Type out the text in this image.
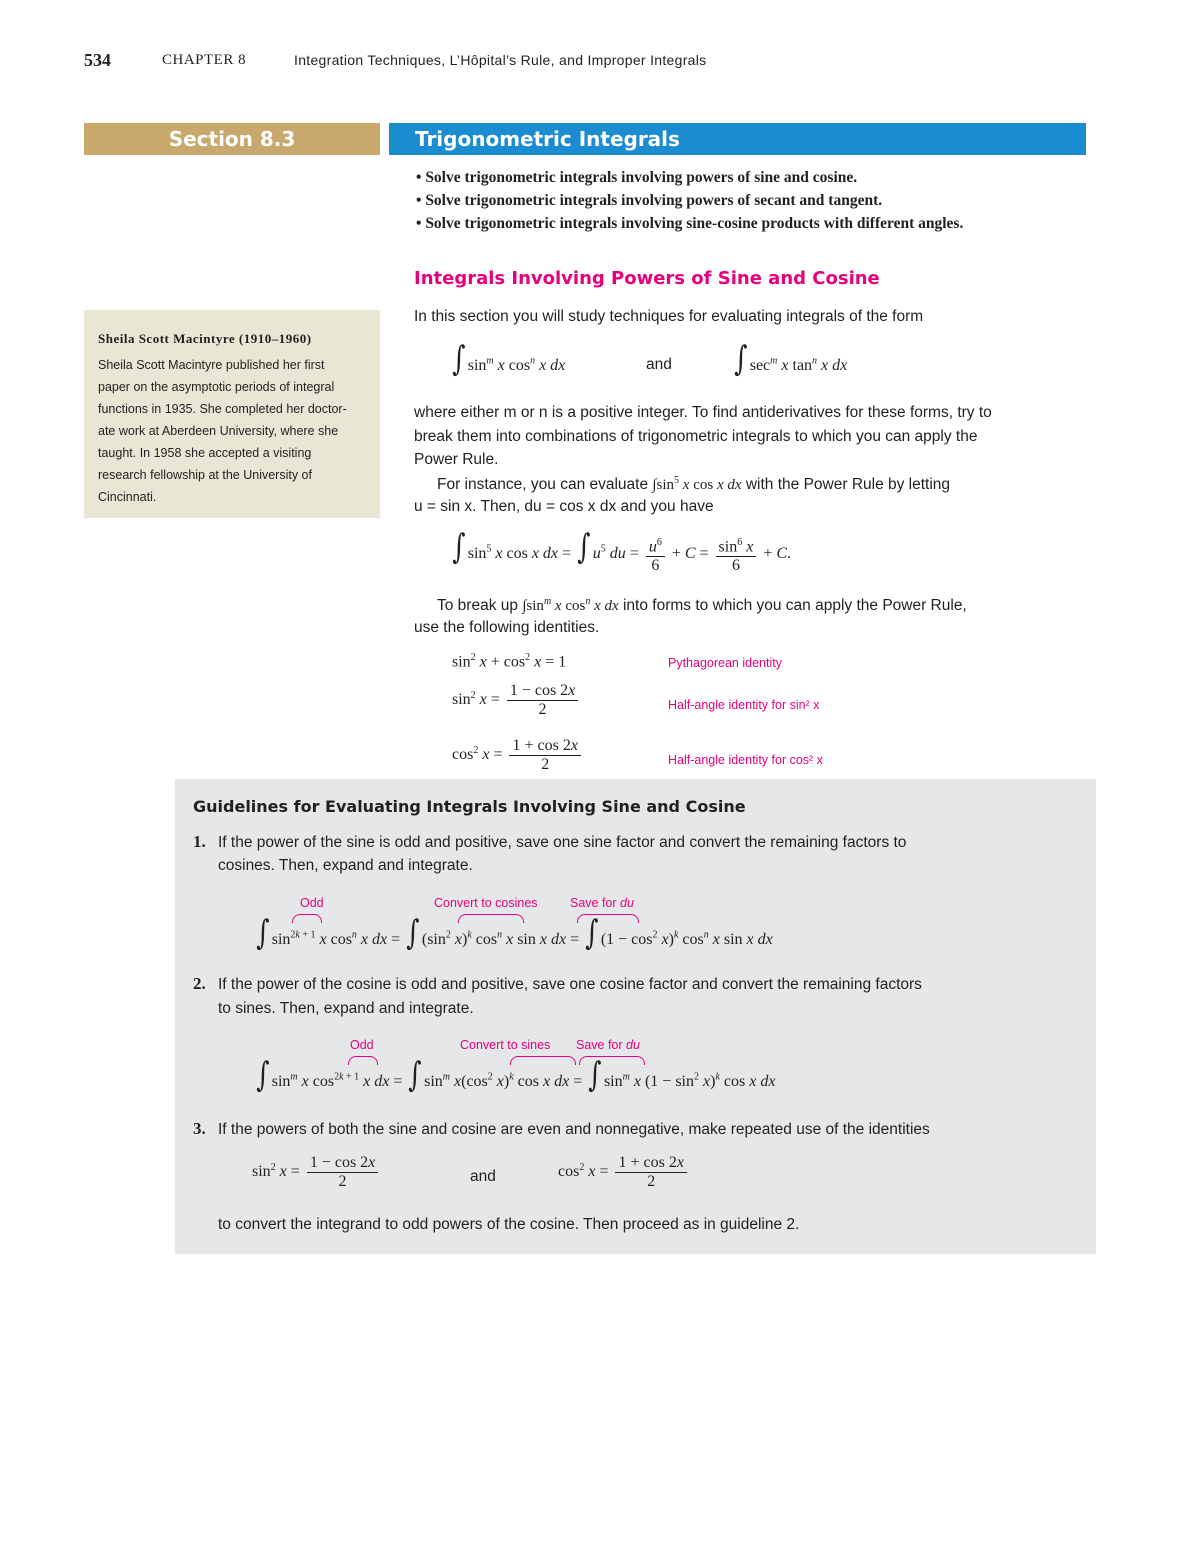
534	CHAPTER 8	Integration Techniques, L’Hôpital’s Rule, and Improper Integrals
Section 8.3	Trigonometric Integrals
• Solve trigonometric integrals involving powers of sine and cosine.
• Solve trigonometric integrals involving powers of secant and tangent.
• Solve trigonometric integrals involving sine-cosine products with different angles.
Integrals Involving Powers of Sine and Cosine
Sheila Scott Macintyre (1910–1960)
Sheila Scott Macintyre published her first
paper on the asymptotic periods of integral
functions in 1935. She completed her doctor-
ate work at Aberdeen University, where she
taught. In 1958 she accepted a visiting
research fellowship at the University of
Cincinnati.
In this section you will study techniques for evaluating integrals of the form
∫ $\sin^m x$ $\cos^n x$ dx	and ∫ $\sec^m x$ $\tan^n x$ dx
where either m or n is a positive integer. To find antiderivatives for these forms, try to
break them into combinations of trigonometric integrals to which you can apply the
Power Rule.
For instance, you can evaluate $\int\sin^5$ x cos x dx with the Power Rule by letting
u = sin x. Then, du = cos x dx and you have
∫ $\sin^5 x$ cos x dx = ∫ $u^5$ du = $\frac{u^6}{6} + C = \frac{\sin^6 x}{6} + C$.
To break up $\int\sin^m$ x $\cos^n x$ dx into forms to which you can apply the Power Rule,
use the following identities.
$\sin^2 x + \cos^2 x = 1$	Pythagorean identity
$\sin^2 x = \frac{1 - \cos 2x}{2}$	Half-angle identity for sin² x
$\cos^2 x = \frac{1 + \cos 2x}{2}$	Half-angle identity for cos² x
Guidelines for Evaluating Integrals Involving Sine and Cosine
1. If the power of the sine is odd and positive, save one sine factor and convert the remaining factors to
cosines. Then, expand and integrate.
Odd	Convert to cosines	Save for du
∫ $\sin^{2k + 1} x$ $\cos^n x$ dx = ∫ ($\sin^2$ x)$^k$ $\cos^n x$ sin x dx = ∫ $(1 - \cos^2 x)^k$ $\cos^n x$ sin x dx
2. If the power of the cosine is odd and positive, save one cosine factor and convert the remaining factors
to sines. Then, expand and integrate.
Odd	Convert to sines Save for du
∫ $\sin^m x$ $\cos^{2k + 1} x$ dx = ∫ $\sin^m x(\cos^2$ x)$^k$ cos x dx = ∫ $\sin^m x$ $(1 - \sin^2 x)^k$ cos x dx
3. If the powers of both the sine and cosine are even and nonnegative, make repeated use of the identities
$\sin^2 x = \frac{1 - \cos 2x}{2}$	and	$\cos^2 x = \frac{1 + \cos 2x}{2}$
to convert the integrand to odd powers of the cosine. Then proceed as in guideline 2.
